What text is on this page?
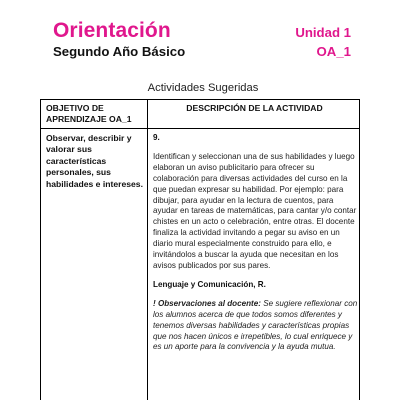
Orientación
Segundo Año Básico
Unidad 1
OA_1
Actividades Sugeridas
OBJETIVO DE APRENDIZAJE OA_1
DESCRIPCIÓN DE LA ACTIVIDAD
Observar, describir y valorar sus características personales, sus habilidades e intereses.

9.

Identifican y seleccionan una de sus habilidades y luego elaboran un aviso publicitario para ofrecer su colaboración para diversas actividades del curso en la que puedan expresar su habilidad. Por ejemplo: para dibujar, para ayudar en la lectura de cuentos, para ayudar en tareas de matemáticas, para cantar y/o contar chistes en un acto o celebración, entre otras. El docente finaliza la actividad invitando a pegar su aviso en un diario mural especialmente construido para ello, e invitándolos a buscar la ayuda que necesitan en los avisos publicados por sus pares.

Lenguaje y Comunicación, R.

! Observaciones al docente: Se sugiere reflexionar con los alumnos acerca de que todos somos diferentes y tenemos diversas habilidades y características propias que nos hacen únicos e irrepetibles, lo cual enriquece y es un aporte para la convivencia y la ayuda mutua.
